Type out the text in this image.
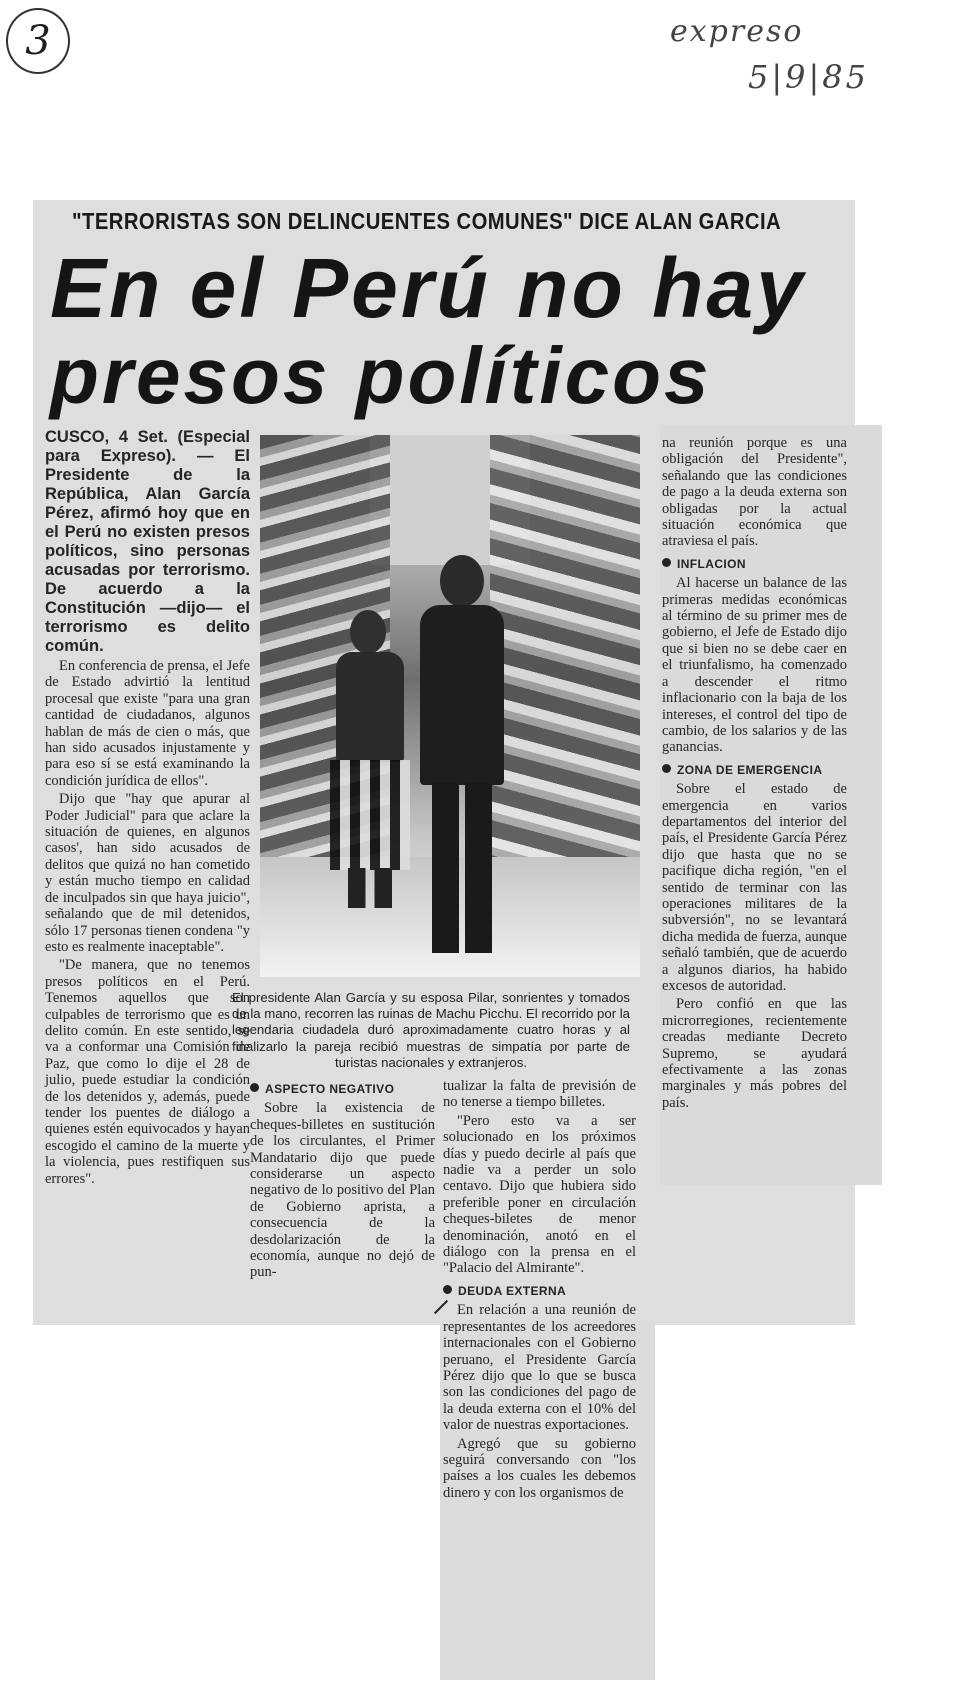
3	expreso
5|9|85
"TERRORISTAS SON DELINCUENTES COMUNES" DICE ALAN GARCIA
En el Perú no hay
presos políticos

CUSCO, 4 Set. (Especial para Expreso). — El Presidente de la República, Alan García Pérez, afirmó hoy que en el Perú no existen presos políticos, sino personas acusadas por terrorismo. De acuerdo a la Constitución —dijo— el terrorismo es delito común.

En conferencia de prensa, el Jefe de Estado advirtió la lentitud procesal que existe "para una gran cantidad de ciudadanos, algunos hablan de más de cien o más, que han sido acusados injustamente y para eso sí se está examinando la condición jurídica de ellos".

Dijo que "hay que apurar al Poder Judicial" para que aclare la situación de quienes, en algunos casos', han sido acusados de delitos que quizá no han cometido y están mucho tiempo en calidad de inculpados sin que haya juicio", señalando que de mil detenidos, sólo 17 personas tienen condena "y esto es realmente inaceptable".

"De manera, que no tenemos presos políticos en el Perú. Tenemos aquellos que son culpables de terrorismo que es un delito común. En este sentido, se va a conformar una Comisión de Paz, que como lo dije el 28 de julio, puede estudiar la condición de los detenidos y, además, puede tender los puentes de diálogo a quienes estén equivocados y hayan escogido el camino de la muerte y la violencia, pues restifiquen sus errores".

El presidente Alan García y su esposa Pilar, sonrientes y tomados de la mano, recorren las ruinas de Machu Picchu. El recorrido por la legendaria ciudadela duró aproximadamente cuatro horas y al finalizarlo la pareja recibió muestras de simpatía por parte de turistas nacionales y extranjeros.
ASPECTO NEGATIVO

Sobre la existencia de cheques-billetes en sustitución de los circulantes, el Primer Mandatario dijo que puede considerarse un aspecto negativo de lo positivo del Plan de Gobierno aprista, a consecuencia de la desdolarización de la economía, aunque no dejó de pun-

tualizar la falta de previsión de no tenerse a tiempo billetes.

"Pero esto va a ser solucionado en los próximos días y puedo decirle al país que nadie va a perder un solo centavo. Dijo que hubiera sido preferible poner en circulación cheques-biletes de menor denominación, anotó en el diálogo con la prensa en el "Palacio del Almirante".

DEUDA EXTERNA

En relación a una reunión de representantes de los acreedores internacionales con el Gobierno peruano, el Presidente García Pérez dijo que lo que se busca son las condiciones del pago de la deuda externa con el 10% del valor de nuestras exportaciones.

Agregó que su gobierno seguirá conversando con "los países a los cuales les debemos dinero y con los organismos de

na reunión porque es una obligación del Presidente", señalando que las condiciones de pago a la deuda externa son obligadas por la actual situación económica que atraviesa el país.

INFLACION

Al hacerse un balance de las primeras medidas económicas al término de su primer mes de gobierno, el Jefe de Estado dijo que si bien no se debe caer en el triunfalismo, ha comenzado a descender el ritmo inflacionario con la baja de los intereses, el control del tipo de cambio, de los salarios y de las ganancias.

ZONA DE EMERGENCIA

Sobre el estado de emergencia en varios departamentos del interior del país, el Presidente García Pérez dijo que hasta que no se pacifique dicha región, "en el sentido de terminar con las operaciones militares de la subversión", no se levantará dicha medida de fuerza, aunque señaló también, que de acuerdo a algunos diarios, ha habido excesos de autoridad.

Pero confió en que las microrregiones, recientemente creadas mediante Decreto Supremo, se ayudará efectivamente a las zonas marginales y más pobres del país.
